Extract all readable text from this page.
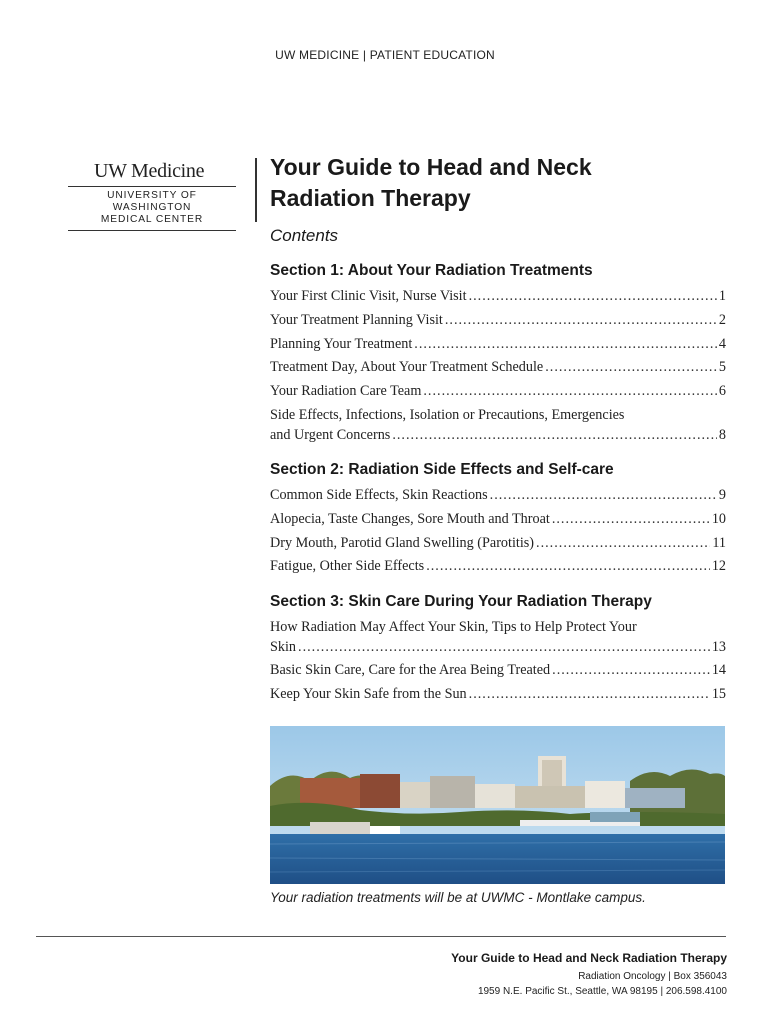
UW MEDICINE | PATIENT EDUCATION
UW Medicine
UNIVERSITY OF WASHINGTON
MEDICAL CENTER
Your Guide to Head and Neck
Radiation Therapy
Contents
Section 1: About Your Radiation Treatments
Your First Clinic Visit, Nurse Visit .....	1
Your Treatment Planning Visit .....	2
Planning Your Treatment .....	4
Treatment Day, About Your Treatment Schedule .....	5
Your Radiation Care Team .....	6
Side Effects, Infections, Isolation or Precautions, Emergencies
and Urgent Concerns .....	8
Section 2: Radiation Side Effects and Self-care
Common Side Effects, Skin Reactions .....	9
Alopecia, Taste Changes, Sore Mouth and Throat .....	10
Dry Mouth, Parotid Gland Swelling (Parotitis) .....	11
Fatigue, Other Side Effects .....	12
Section 3: Skin Care During Your Radiation Therapy
How Radiation May Affect Your Skin, Tips to Help Protect Your
Skin .....	13
Basic Skin Care, Care for the Area Being Treated .....	14
Keep Your Skin Safe from the Sun .....	15
Your radiation treatments will be at UWMC - Montlake campus.
Your Guide to Head and Neck Radiation Therapy
Radiation Oncology | Box 356043
1959 N.E. Pacific St., Seattle, WA 98195 | 206.598.4100
